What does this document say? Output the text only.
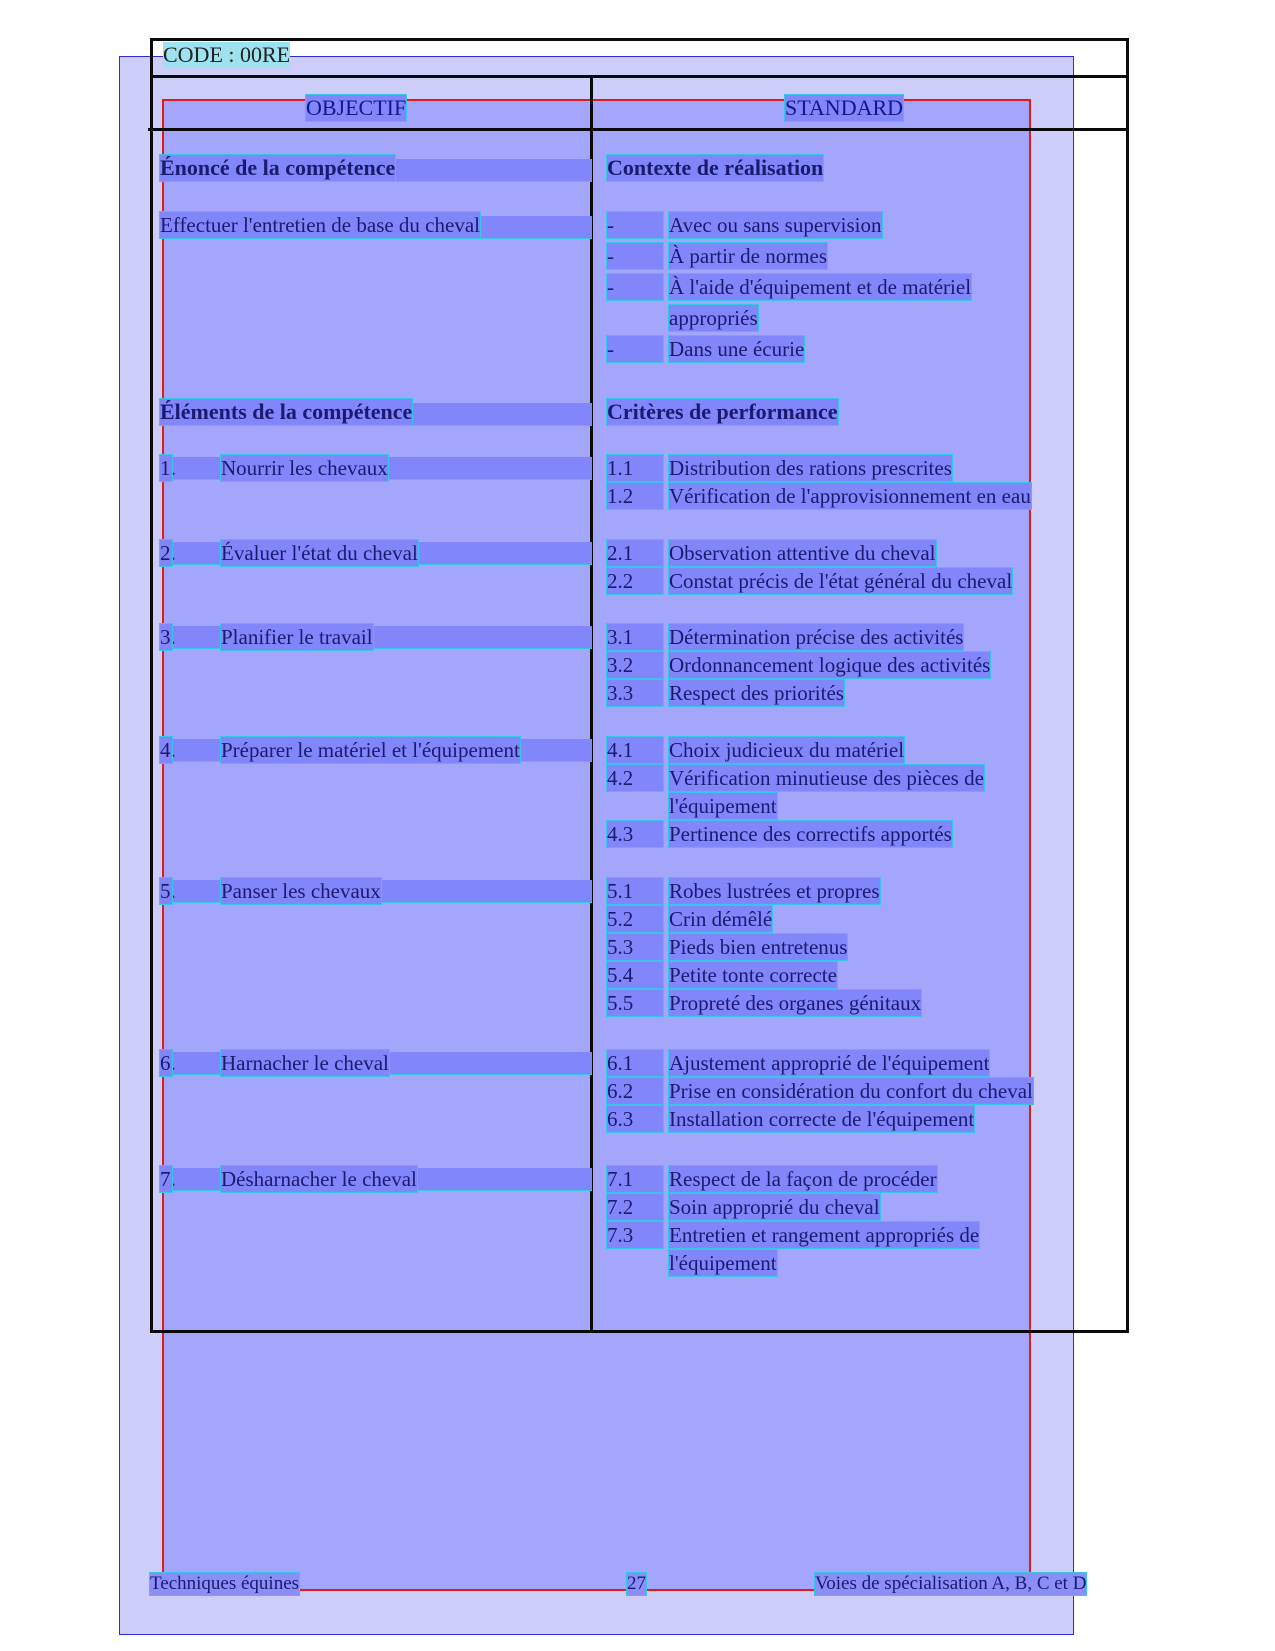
CODE : 00RE
OBJECTIF	STANDARD
Énoncé de la compétence	Contexte de réalisation
Effectuer l'entretien de base du cheval	-	Avec ou sans supervision
-	À partir de normes
-	À l'aide d'équipement et de matériel
appropriés
-	Dans une écurie
Éléments de la compétence	Critères de performance
1. Nourrir les chevaux	1.1	Distribution des rations prescrites
1.2	Vérification de l'approvisionnement en eau
2. Évaluer l'état du cheval	2.1	Observation attentive du cheval
2.2	Constat précis de l'état général du cheval
3. Planifier le travail	3.1	Détermination précise des activités
3.2	Ordonnancement logique des activités
3.3	Respect des priorités
4. Préparer le matériel et l'équipement	4.1	Choix judicieux du matériel
4.2	Vérification minutieuse des pièces de
l'équipement
4.3	Pertinence des correctifs apportés
5. Panser les chevaux	5.1	Robes lustrées et propres
5.2	Crin démêlé
5.3	Pieds bien entretenus
5.4	Petite tonte correcte
5.5	Propreté des organes génitaux
6. Harnacher le cheval	6.1	Ajustement approprié de l'équipement
6.2	Prise en considération du confort du cheval
6.3	Installation correcte de l'équipement
7. Désharnacher le cheval	7.1	Respect de la façon de procéder
7.2	Soin approprié du cheval
7.3	Entretien et rangement appropriés de
l'équipement
Techniques équines	27	Voies de spécialisation A, B, C et D
